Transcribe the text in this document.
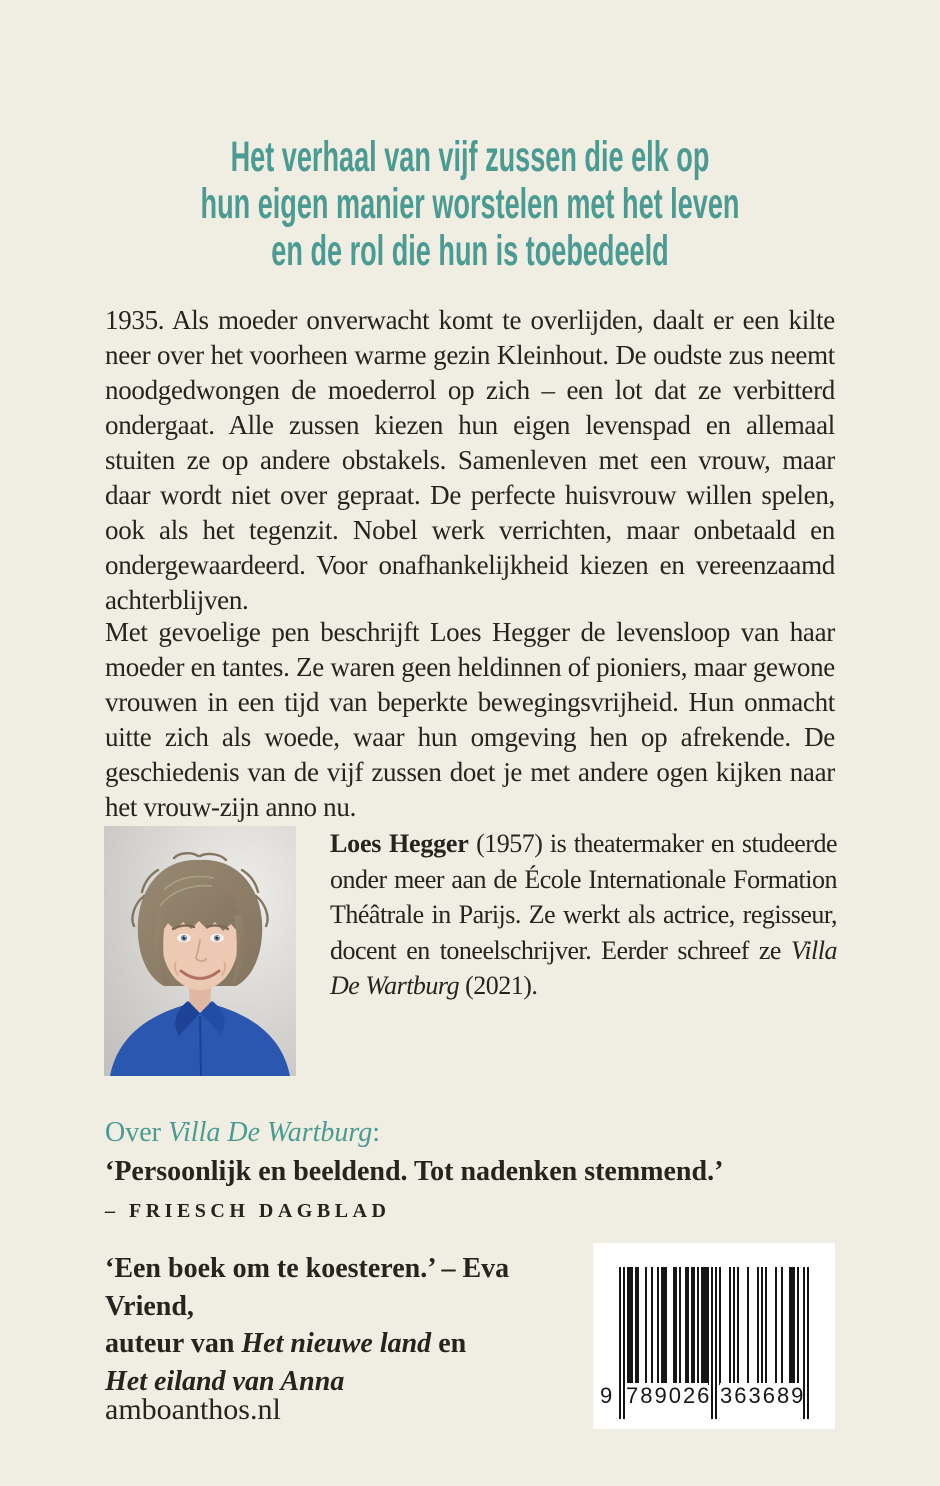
Het verhaal van vijf zussen die elk op
hun eigen manier worstelen met het leven
en de rol die hun is toebedeeld

1935. Als moeder onverwacht komt te overlijden, daalt er een kilte neer over het voorheen warme gezin Kleinhout. De oudste zus neemt noodgedwongen de moederrol op zich – een lot dat ze verbitterd ondergaat. Alle zussen kiezen hun eigen levenspad en allemaal stuiten ze op andere obstakels. Samenleven met een vrouw, maar daar wordt niet over gepraat. De perfecte huisvrouw willen spelen, ook als het tegenzit. Nobel werk verrichten, maar onbetaald en ondergewaardeerd. Voor onafhankelijkheid kiezen en vereenzaamd achterblijven.

Met gevoelige pen beschrijft Loes Hegger de levensloop van haar moeder en tantes. Ze waren geen heldinnen of pioniers, maar gewone vrouwen in een tijd van beperkte bewegingsvrijheid. Hun onmacht uitte zich als woede, waar hun omgeving hen op afrekende. De geschiedenis van de vijf zussen doet je met andere ogen kijken naar het vrouw-zijn anno nu.

Loes Hegger (1957) is theatermaker en studeerde onder meer aan de École Internationale Formation Théâtrale in Parijs. Ze werkt als actrice, regisseur, docent en toneelschrijver. Eerder schreef ze Villa De Wartburg (2021).

Over Villa De Wartburg:
‘Persoonlijk en beeldend. Tot nadenken stemmend.’
– FRIESCH DAGBLAD
‘Een boek om te koesteren.’ – Eva Vriend,
auteur van Het nieuwe land en
Het eiland van Anna	9 789026 363689
amboanthos.nl
